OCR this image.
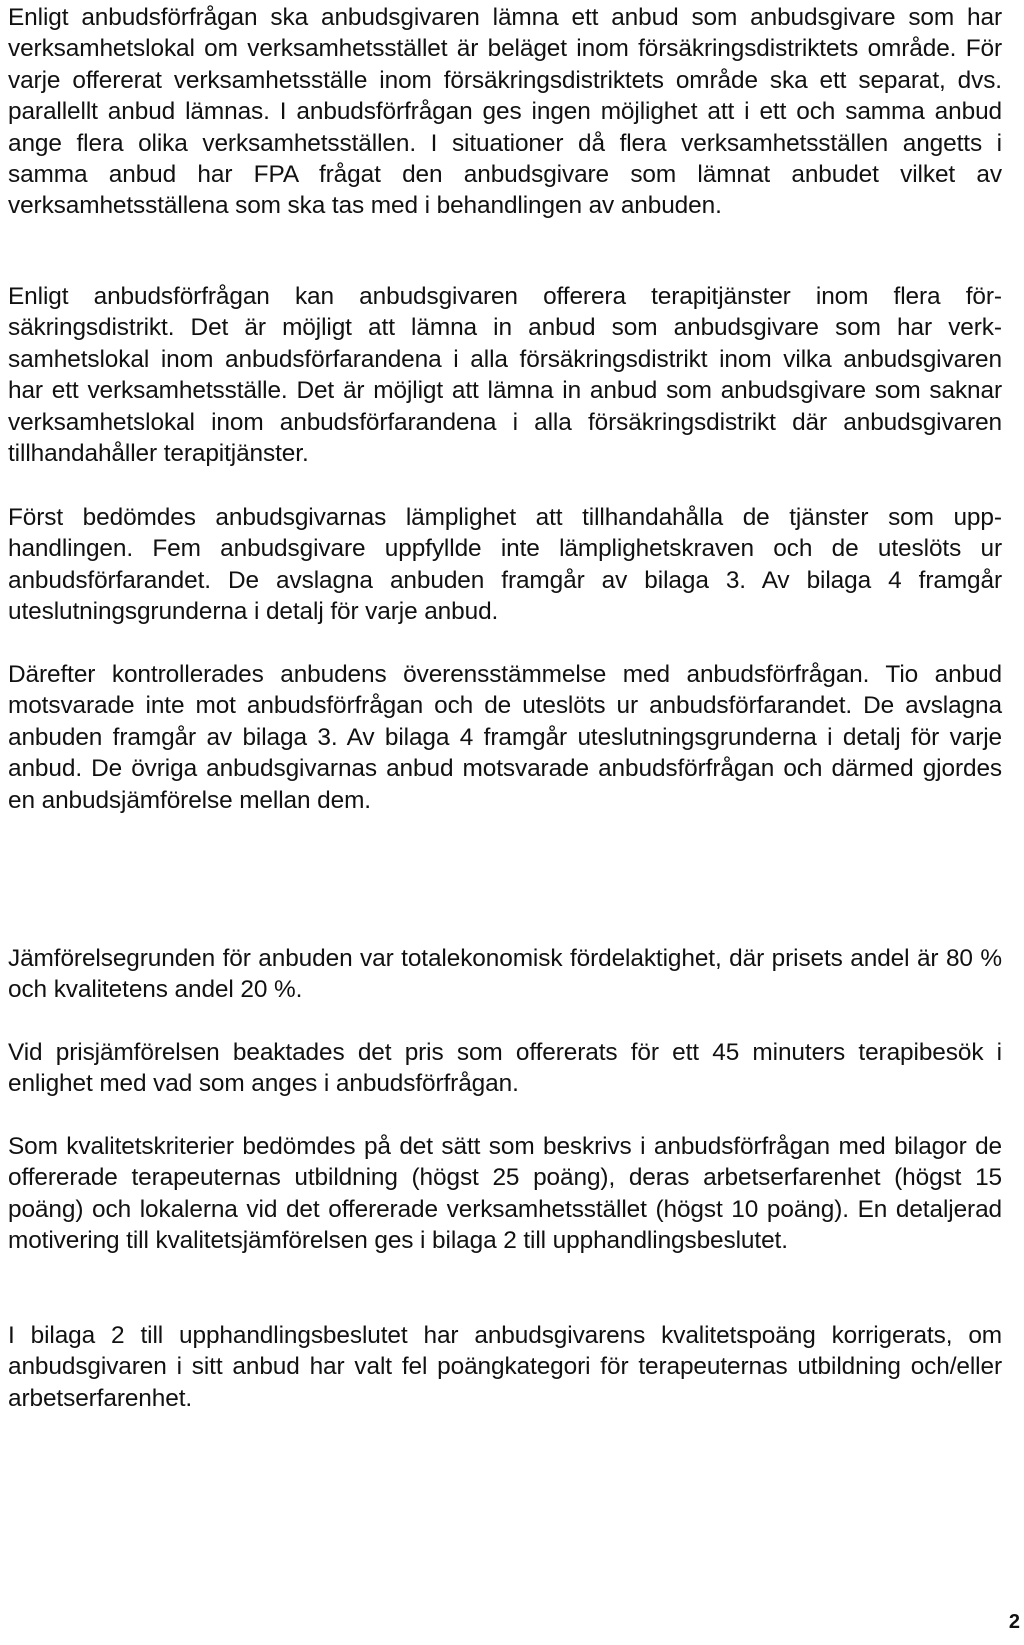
Enligt anbudsförfrågan ska anbudsgivaren lämna ett anbud som anbudsgivare som har verksamhetslokal om verksamhetsstället är beläget inom försäkringsdistriktets område. För varje offererat verksamhetsställe inom försäkringsdistriktets område ska ett separat, dvs. parallellt anbud lämnas. I anbudsförfrågan ges ingen möjlighet att i ett och samma anbud ange flera olika verksamhetsställen. I situationer då flera verksamhetsställen angetts i samma anbud har FPA frågat den anbudsgivare som lämnat anbudet vilket av verksamhetsställena som ska tas med i behandlingen av anbuden.

Enligt anbudsförfrågan kan anbudsgivaren offerera terapitjänster inom flera försäkringsdistrikt. Det är möjligt att lämna in anbud som anbudsgivare som har verksamhetslokal inom anbudsförfarandena i alla försäkringsdistrikt inom vilka anbudsgivaren har ett verksamhetsställe. Det är möjligt att lämna in anbud som anbudsgivare som saknar verksamhetslokal inom anbudsförfarandena i alla försäkringsdistrikt där anbudsgivaren tillhandahåller terapitjänster.

Först bedömdes anbudsgivarnas lämplighet att tillhandahålla de tjänster som upphandlingen. Fem anbudsgivare uppfyllde inte lämplighetskraven och de uteslöts ur anbudsförfarandet. De avslagna anbuden framgår av bilaga 3. Av bilaga 4 framgår uteslutningsgrunderna i detalj för varje anbud.

Därefter kontrollerades anbudens överensstämmelse med anbudsförfrågan. Tio anbud motsvarade inte mot anbudsförfrågan och de uteslöts ur anbudsförfarandet. De avslagna anbuden framgår av bilaga 3. Av bilaga 4 framgår uteslutningsgrunderna i detalj för varje anbud. De övriga anbudsgivarnas anbud motsvarade anbudsförfrågan och därmed gjordes en anbudsjämförelse mellan dem.

Jämförelsegrunden för anbuden var totalekonomisk fördelaktighet, där prisets andel är 80 % och kvalitetens andel 20 %.

Vid prisjämförelsen beaktades det pris som offererats för ett 45 minuters terapibesök i enlighet med vad som anges i anbudsförfrågan.

Som kvalitetskriterier bedömdes på det sätt som beskrivs i anbudsförfrågan med bilagor de offererade terapeuternas utbildning (högst 25 poäng), deras arbetserfarenhet (högst 15 poäng) och lokalerna vid det offererade verksamhetsstället (högst 10 poäng). En detaljerad motivering till kvalitetsjämförelsen ges i bilaga 2 till upphandlingsbeslutet.

I bilaga 2 till upphandlingsbeslutet har anbudsgivarens kvalitetspoäng korrigerats, om anbudsgivaren i sitt anbud har valt fel poängkategori för terapeuternas utbildning och/eller arbetserfarenhet.

2
